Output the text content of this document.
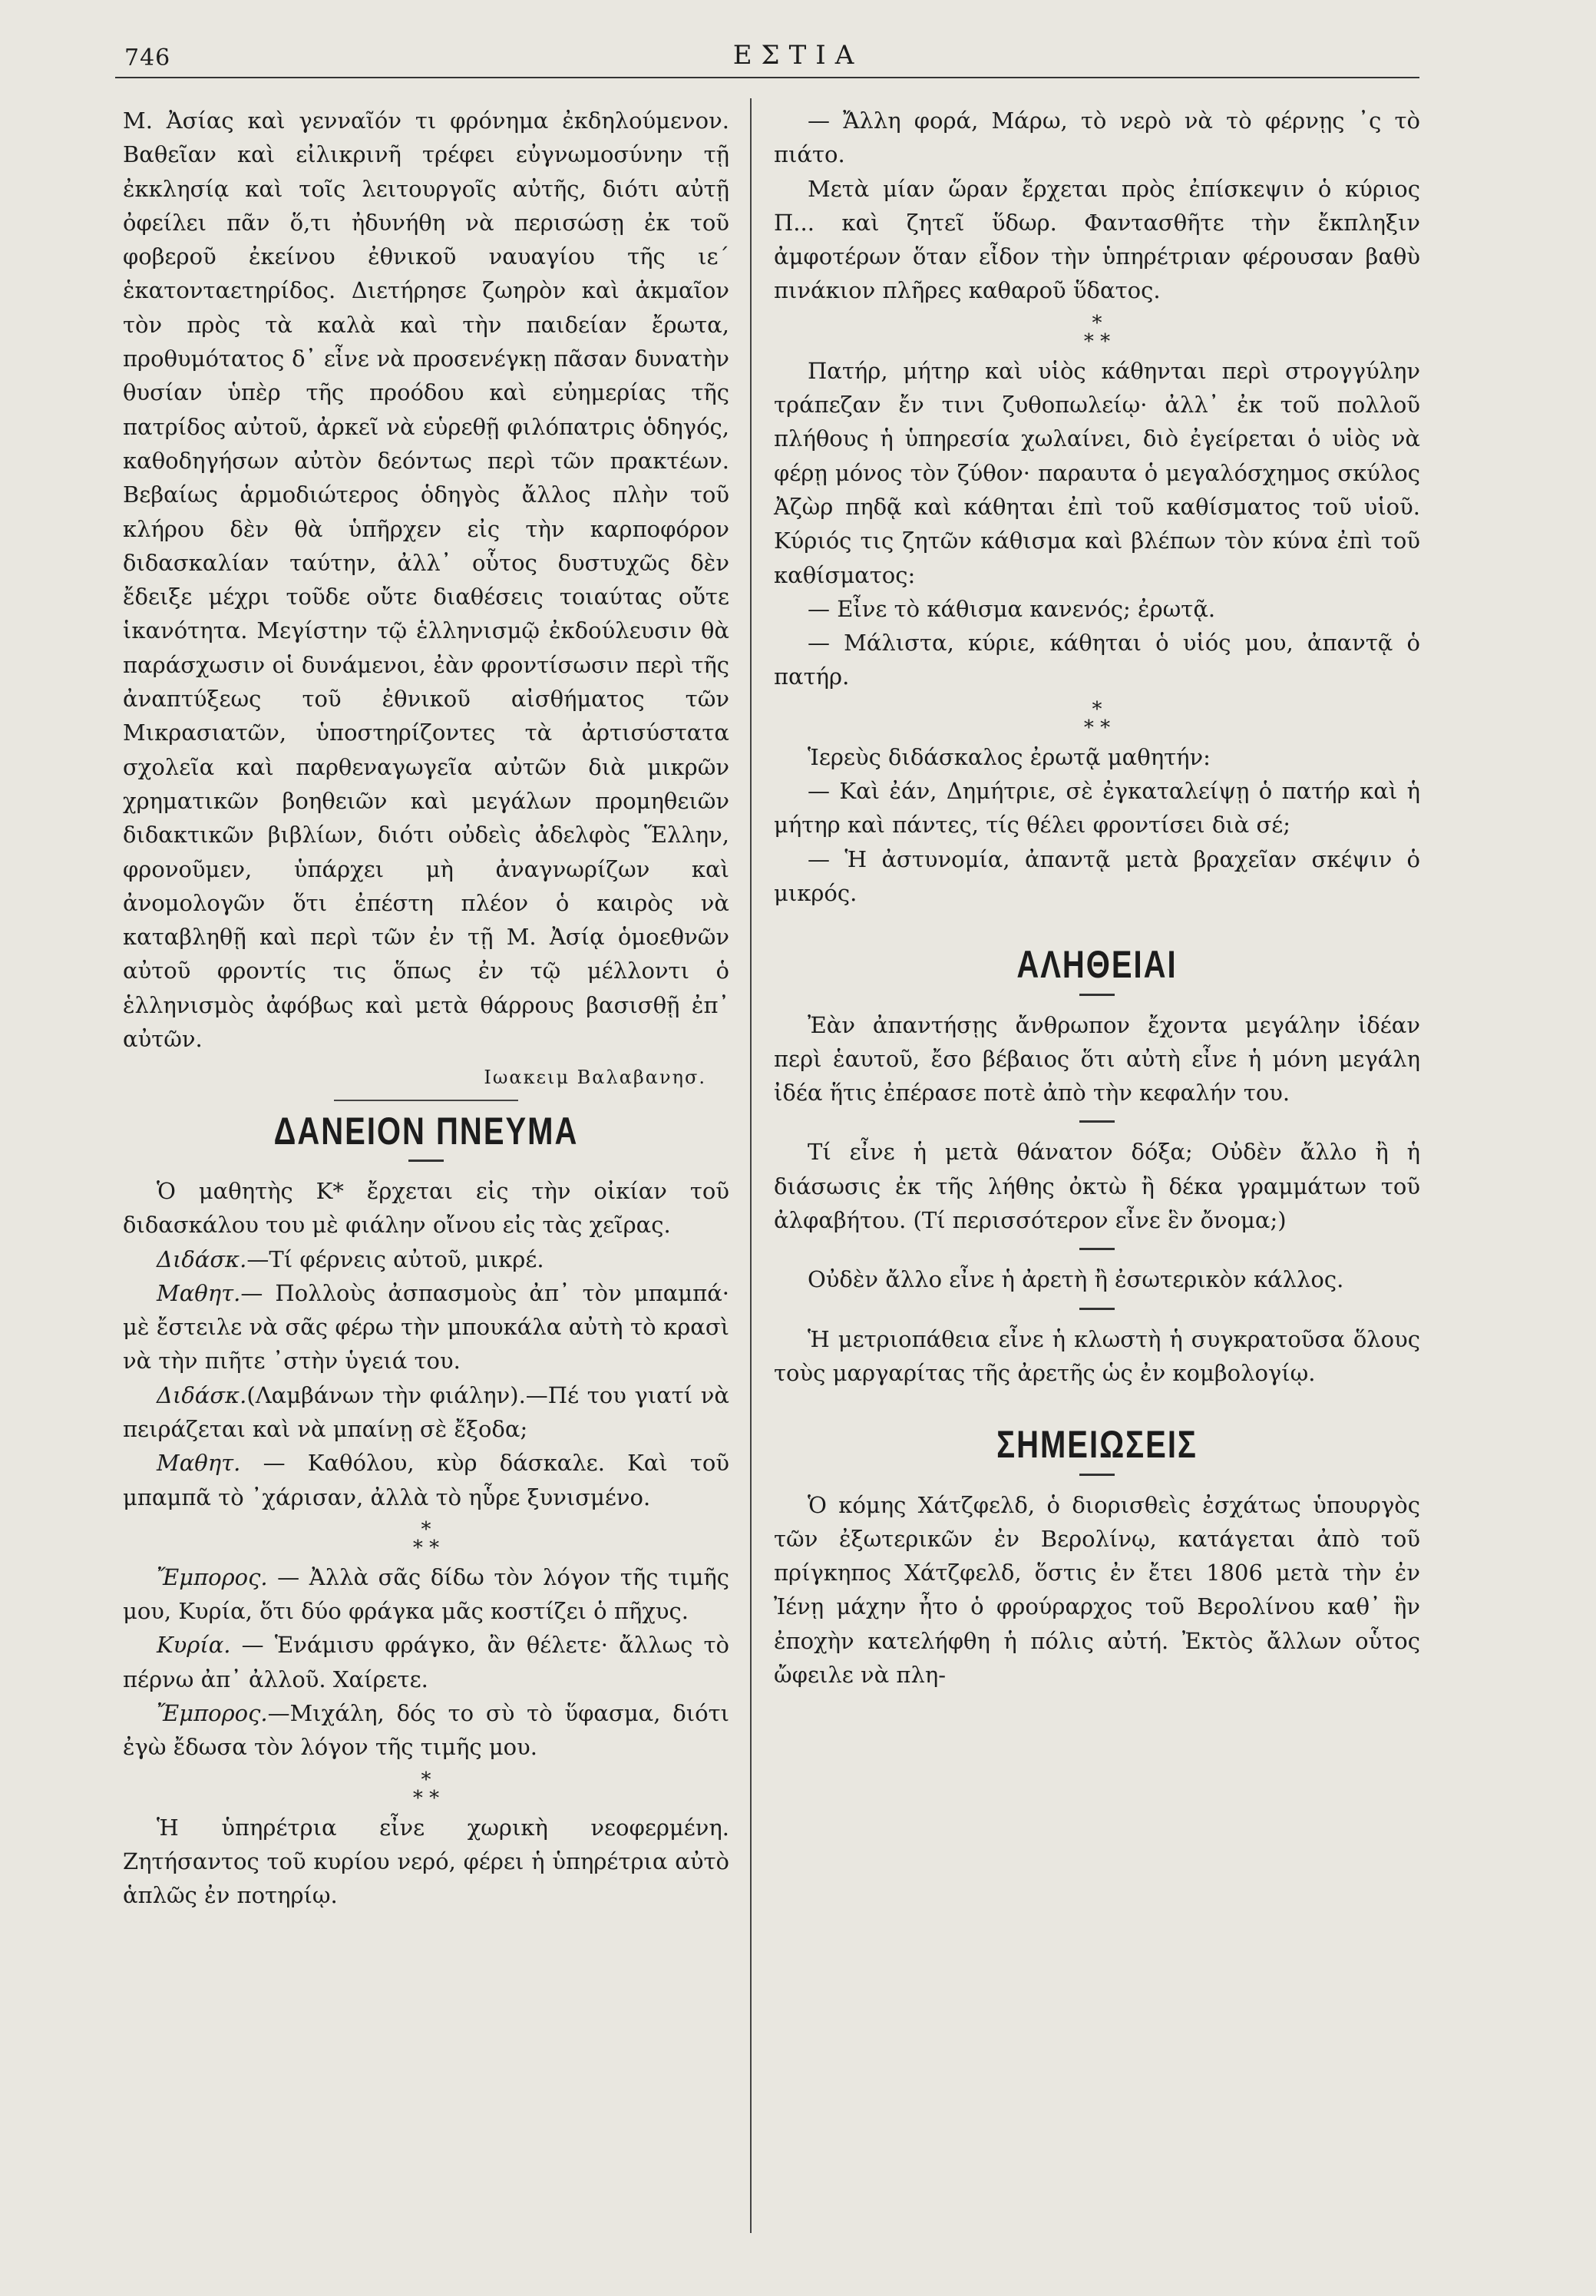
746	ΕΣΤΙΑ

Μ. Ἀσίας καὶ γενναῖόν τι φρόνημα ἐκδηλούμενον. Βαθεῖαν καὶ εἰλικρινῆ τρέφει εὐγνωμοσύνην τῇ ἐκκλησίᾳ καὶ τοῖς λειτουργοῖς αὐτῆς, διότι αὐτῇ ὀφείλει πᾶν ὅ,τι ἠδυνήθη νὰ περισώσῃ ἐκ τοῦ φοβεροῦ ἐκείνου ἐθνικοῦ ναυαγίου τῆς ιε΄ ἑκατονταετηρίδος. Διετήρησε ζωηρὸν καὶ ἀκμαῖον τὸν πρὸς τὰ καλὰ καὶ τὴν παιδείαν ἔρωτα, προθυμότατος δ᾽ εἶνε νὰ προσενέγκῃ πᾶσαν δυνατὴν θυσίαν ὑπὲρ τῆς προόδου καὶ εὐημερίας τῆς πατρίδος αὐτοῦ, ἀρκεῖ νὰ εὑρεθῇ φιλόπατρις ὁδηγός, καθοδηγήσων αὐτὸν δεόντως περὶ τῶν πρακτέων. Βεβαίως ἁρμοδιώτερος ὁδηγὸς ἄλλος πλὴν τοῦ κλήρου δὲν θὰ ὑπῆρχεν εἰς τὴν καρποφόρον διδασκαλίαν ταύτην, ἀλλ᾽ οὗτος δυστυχῶς δὲν ἔδειξε μέχρι τοῦδε οὔτε διαθέσεις τοιαύτας οὔτε ἱκανότητα. Μεγίστην τῷ ἑλληνισμῷ ἐκδούλευσιν θὰ παράσχωσιν οἱ δυνάμενοι, ἐὰν φροντίσωσιν περὶ τῆς ἀναπτύξεως τοῦ ἐθνικοῦ αἰσθήματος τῶν Μικρασιατῶν, ὑποστηρίζοντες τὰ ἀρτισύστατα σχολεῖα καὶ παρθεναγωγεῖα αὐτῶν διὰ μικρῶν χρηματικῶν βοηθειῶν καὶ μεγάλων προμηθειῶν διδακτικῶν βιβλίων, διότι οὐδεὶς ἀδελφὸς Ἕλλην, φρονοῦμεν, ὑπάρχει μὴ ἀναγνωρίζων καὶ ἀνομολογῶν ὅτι ἐπέστη πλέον ὁ καιρὸς νὰ καταβληθῇ καὶ περὶ τῶν ἐν τῇ Μ. Ἀσίᾳ ὁμοεθνῶν αὐτοῦ φροντίς τις ὅπως ἐν τῷ μέλλοντι ὁ ἑλληνισμὸς ἀφόβως καὶ μετὰ θάρρους βασισθῇ ἐπ᾽ αὐτῶν.

Ιωακειμ Βαλαβανησ.
ΔΑΝΕΙΟΝ ΠΝΕΥΜΑ

Ὁ μαθητὴς Κ* ἔρχεται εἰς τὴν οἰκίαν τοῦ διδασκάλου του μὲ φιάλην οἴνου εἰς τὰς χεῖρας.

Διδάσκ.—Τί φέρνεις αὐτοῦ, μικρέ.

Μαθητ.— Πολλοὺς ἀσπασμοὺς ἀπ᾽ τὸν μπαμπά· μὲ ἔστειλε νὰ σᾶς φέρω τὴν μπουκάλα αὐτὴ τὸ κρασὶ νὰ τὴν πιῆτε ᾽στὴν ὑγειά του.

Διδάσκ.(Λαμβάνων τὴν φιάλην).—Πέ του γιατί νὰ πειράζεται καὶ νὰ μπαίνῃ σὲ ἔξοδα;

Μαθητ. — Καθόλου, κὺρ δάσκαλε. Καὶ τοῦ μπαμπᾶ τὸ ᾽χάρισαν, ἀλλὰ τὸ ηὗρε ξυνισμένο.

*
* *

Ἔμπορος. — Ἀλλὰ σᾶς δίδω τὸν λόγον τῆς τιμῆς μου, Κυρία, ὅτι δύο φράγκα μᾶς κοστίζει ὁ πῆχυς.

Κυρία. — Ἑνάμισυ φράγκο, ἂν θέλετε· ἄλλως τὸ πέρνω ἀπ᾽ ἀλλοῦ. Χαίρετε.

Ἔμπορος.—Μιχάλη, δός το σὺ τὸ ὕφασμα, διότι ἐγὼ ἔδωσα τὸν λόγον τῆς τιμῆς μου.

*
* *

Ἡ ὑπηρέτρια εἶνε χωρικὴ νεοφερμένη. Ζητήσαντος τοῦ κυρίου νερό, φέρει ἡ ὑπηρέτρια αὐτὸ ἁπλῶς ἐν ποτηρίῳ.

— Ἄλλη φορά, Μάρω, τὸ νερὸ νὰ τὸ φέρνῃς ᾽ς τὸ πιάτο.

Μετὰ μίαν ὥραν ἔρχεται πρὸς ἐπίσκεψιν ὁ κύριος Π... καὶ ζητεῖ ὕδωρ. Φαντασθῆτε τὴν ἔκπληξιν ἀμφοτέρων ὅταν εἶδον τὴν ὑπηρέτριαν φέρουσαν βαθὺ πινάκιον πλῆρες καθαροῦ ὕδατος.

*
* *

Πατήρ, μήτηρ καὶ υἱὸς κάθηνται περὶ στρογγύλην τράπεζαν ἔν τινι ζυθοπωλείῳ· ἀλλ᾽ ἐκ τοῦ πολλοῦ πλήθους ἡ ὑπηρεσία χωλαίνει, διὸ ἐγείρεται ὁ υἱὸς νὰ φέρῃ μόνος τὸν ζύθον· παραυτα ὁ μεγαλόσχημος σκύλος Ἀζὼρ πηδᾷ καὶ κάθηται ἐπὶ τοῦ καθίσματος τοῦ υἱοῦ. Κύριός τις ζητῶν κάθισμα καὶ βλέπων τὸν κύνα ἐπὶ τοῦ καθίσματος:

— Εἶνε τὸ κάθισμα κανενός; ἐρωτᾷ.

— Μάλιστα, κύριε, κάθηται ὁ υἱός μου, ἀπαντᾷ ὁ πατήρ.

*
* *

Ἱερεὺς διδάσκαλος ἐρωτᾷ μαθητήν:

— Καὶ ἐάν, Δημήτριε, σὲ ἐγκαταλείψῃ ὁ πατήρ καὶ ἡ μήτηρ καὶ πάντες, τίς θέλει φροντίσει διὰ σέ;

— Ἡ ἀστυνομία, ἀπαντᾷ μετὰ βραχεῖαν σκέψιν ὁ μικρός.

ΑΛΗΘΕΙΑΙ

Ἐὰν ἀπαντήσῃς ἄνθρωπον ἔχοντα μεγάλην ἰδέαν περὶ ἑαυτοῦ, ἔσο βέβαιος ὅτι αὐτὴ εἶνε ἡ μόνη μεγάλη ἰδέα ἥτις ἐπέρασε ποτὲ ἀπὸ τὴν κεφαλήν του.

Τί εἶνε ἡ μετὰ θάνατον δόξα; Οὐδὲν ἄλλο ἢ ἡ διάσωσις ἐκ τῆς λήθης ὀκτὼ ἢ δέκα γραμμάτων τοῦ ἀλφαβήτου. (Τί περισσότερον εἶνε ἓν ὄνομα;)

Οὐδὲν ἄλλο εἶνε ἡ ἀρετὴ ἢ ἐσωτερικὸν κάλλος.

Ἡ μετριοπάθεια εἶνε ἡ κλωστὴ ἡ συγκρατοῦσα ὅλους τοὺς μαργαρίτας τῆς ἀρετῆς ὡς ἐν κομβολογίῳ.

ΣΗΜΕΙΩΣΕΙΣ

Ὁ κόμης Χάτζφελδ, ὁ διορισθεὶς ἐσχάτως ὑπουργὸς τῶν ἐξωτερικῶν ἐν Βερολίνῳ, κατάγεται ἀπὸ τοῦ πρίγκηπος Χάτζφελδ, ὅστις ἐν ἔτει 1806 μετὰ τὴν ἐν Ἰένῃ μάχην ἦτο ὁ φρούραρχος τοῦ Βερολίνου καθ᾽ ἣν ἐποχὴν κατελήφθη ἡ πόλις αὐτή. Ἐκτὸς ἄλλων οὗτος ὤφειλε νὰ πλη-
